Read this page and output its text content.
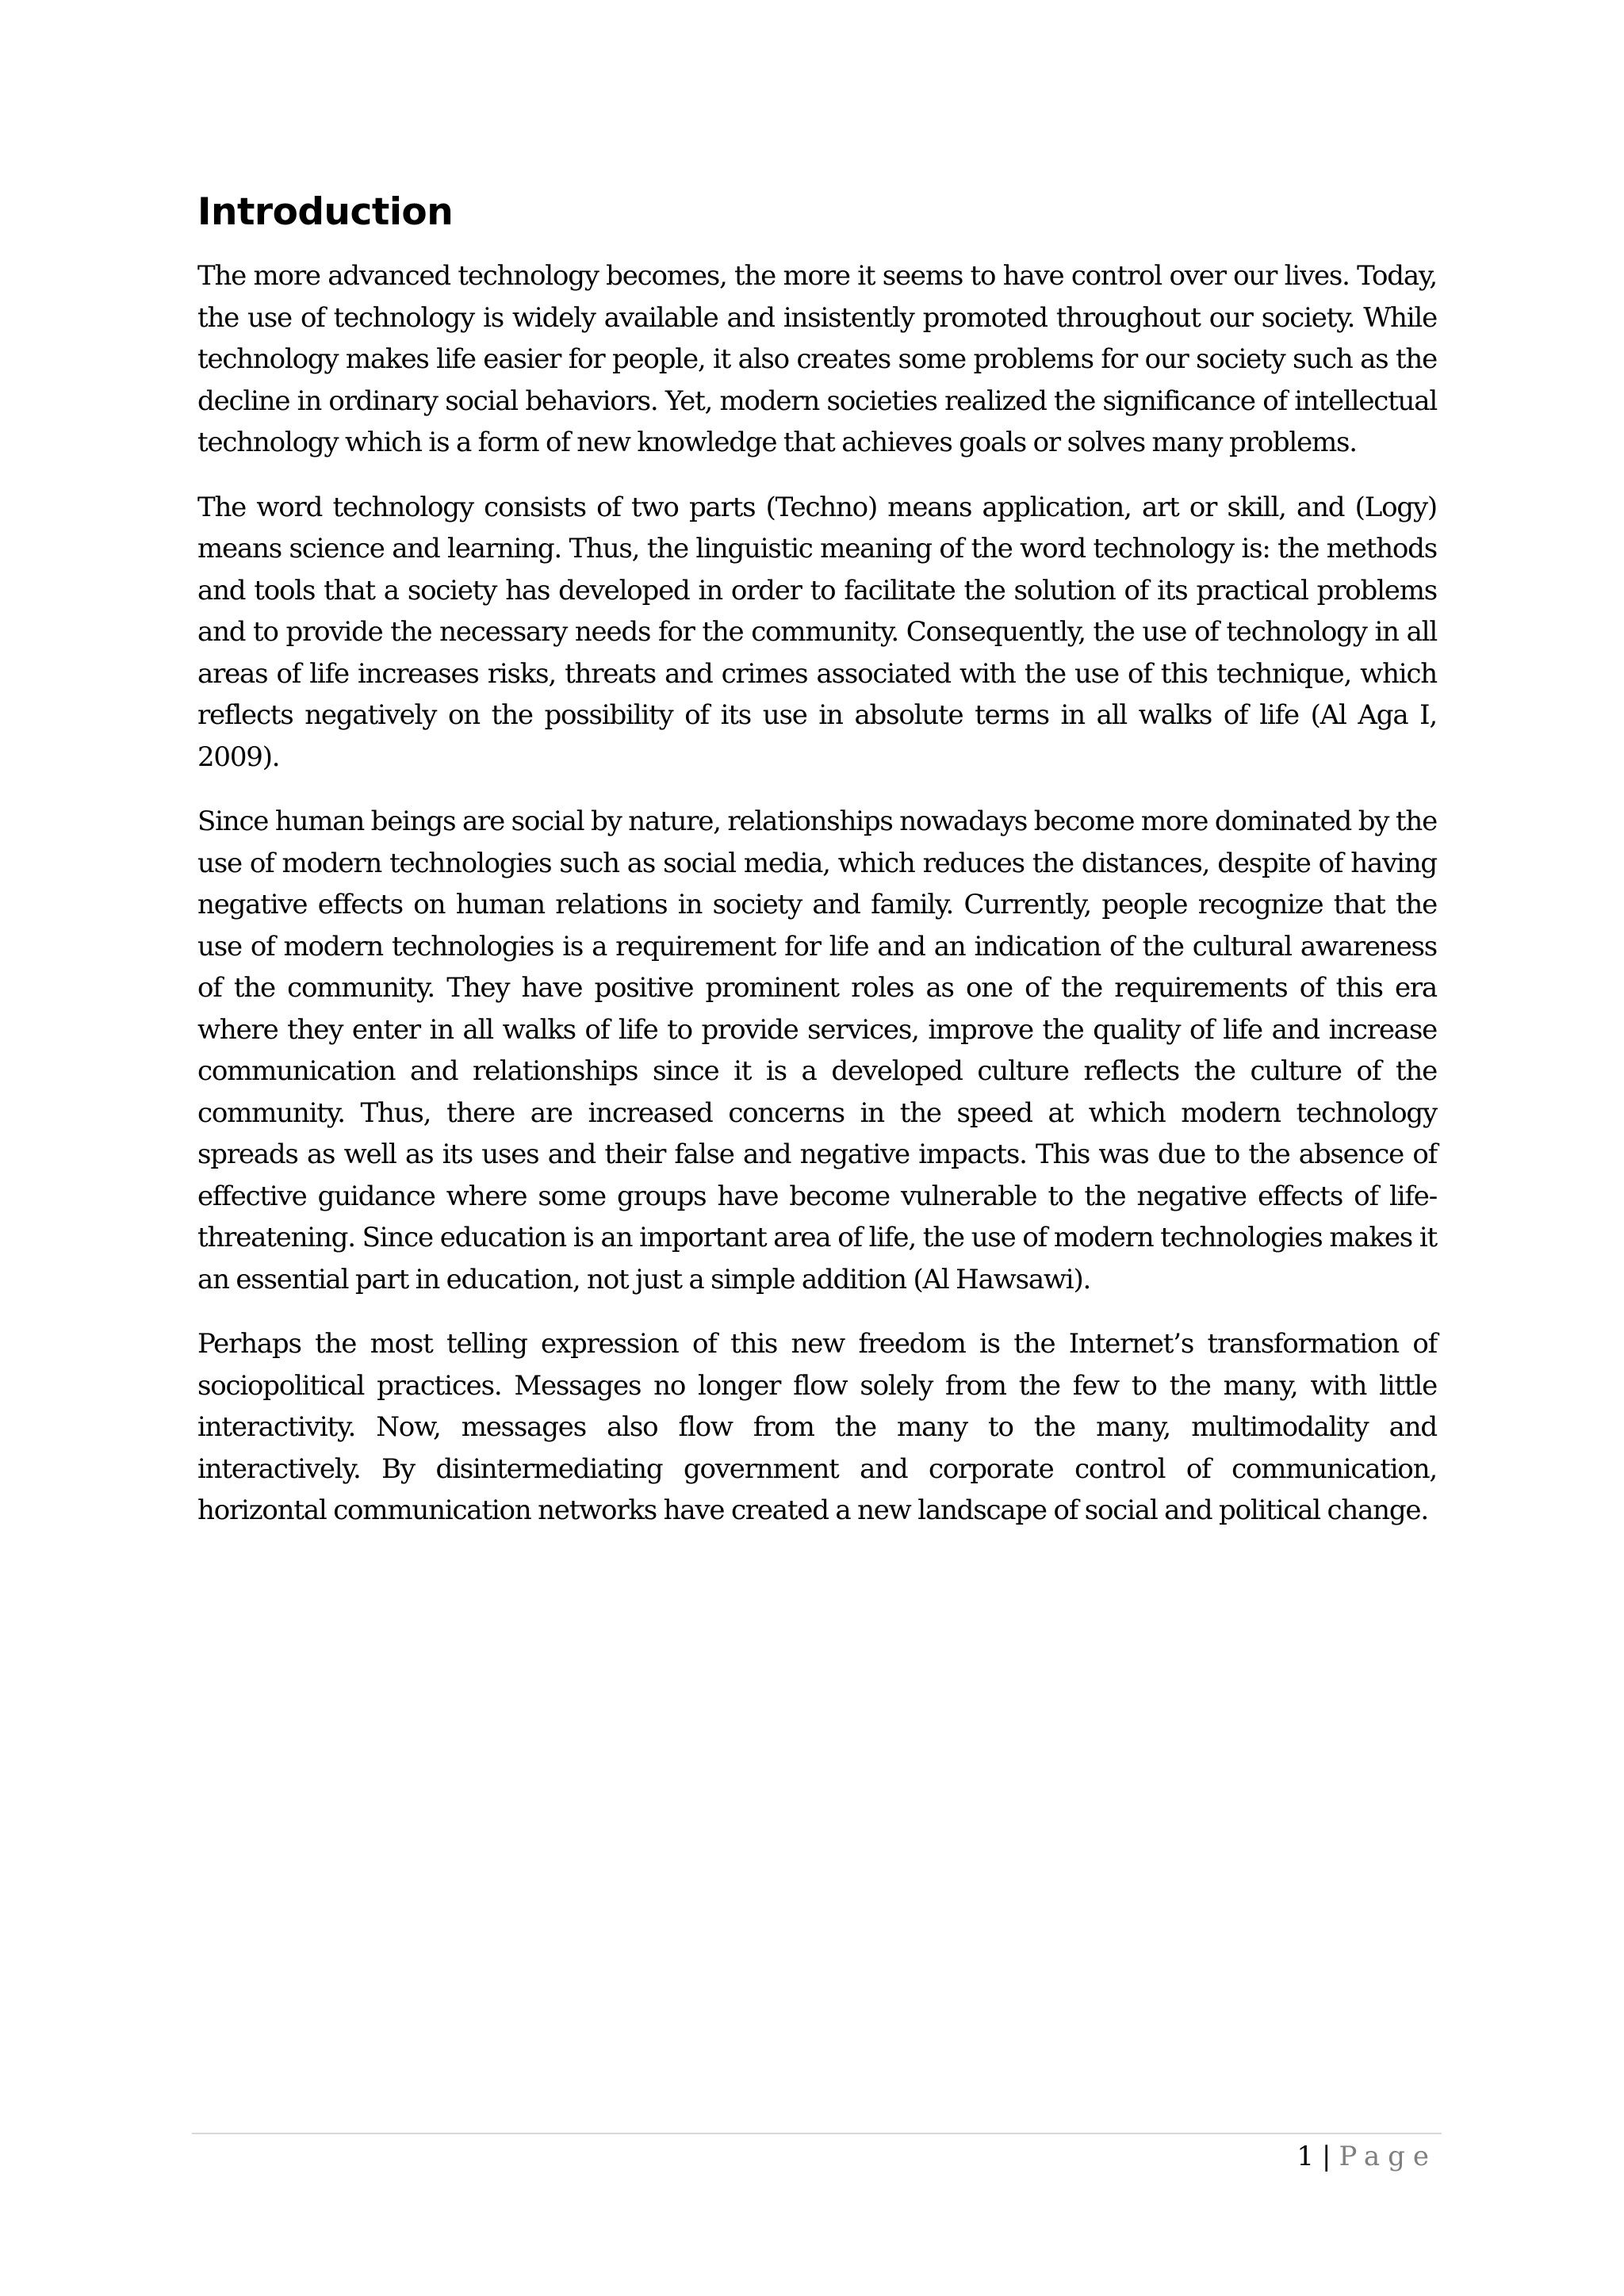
Introduction

The more advanced technology becomes, the more it seems to have control over our lives. Today, the use of technology is widely available and insistently promoted throughout our society. While technology makes life easier for people, it also creates some problems for our society such as the decline in ordinary social behaviors. Yet, modern societies realized the significance of intellectual technology which is a form of new knowledge that achieves goals or solves many problems.

The word technology consists of two parts (Techno) means application, art or skill, and (Logy) means science and learning. Thus, the linguistic meaning of the word technology is: the methods and tools that a society has developed in order to facilitate the solution of its practical problems and to provide the necessary needs for the community. Consequently, the use of technology in all areas of life increases risks, threats and crimes associated with the use of this technique, which reflects negatively on the possibility of its use in absolute terms in all walks of life (Al Aga I, 2009).

Since human beings are social by nature, relationships nowadays become more dominated by the use of modern technologies such as social media, which reduces the distances, despite of having negative effects on human relations in society and family. Currently, people recognize that the use of modern technologies is a requirement for life and an indication of the cultural awareness of the community. They have positive prominent roles as one of the requirements of this era where they enter in all walks of life to provide services, improve the quality of life and increase communication and relationships since it is a developed culture reflects the culture of the community. Thus, there are increased concerns in the speed at which modern technology spreads as well as its uses and their false and negative impacts. This was due to the absence of effective guidance where some groups have become vulnerable to the negative effects of life-threatening. Since education is an important area of life, the use of modern technologies makes it an essential part in education, not just a simple addition (Al Hawsawi).

Perhaps the most telling expression of this new freedom is the Internet’s transformation of sociopolitical practices. Messages no longer flow solely from the few to the many, with little interactivity. Now, messages also flow from the many to the many, multimodality and interactively. By disintermediating government and corporate control of communication, horizontal communication networks have created a new landscape of social and political change.

1 | Page
